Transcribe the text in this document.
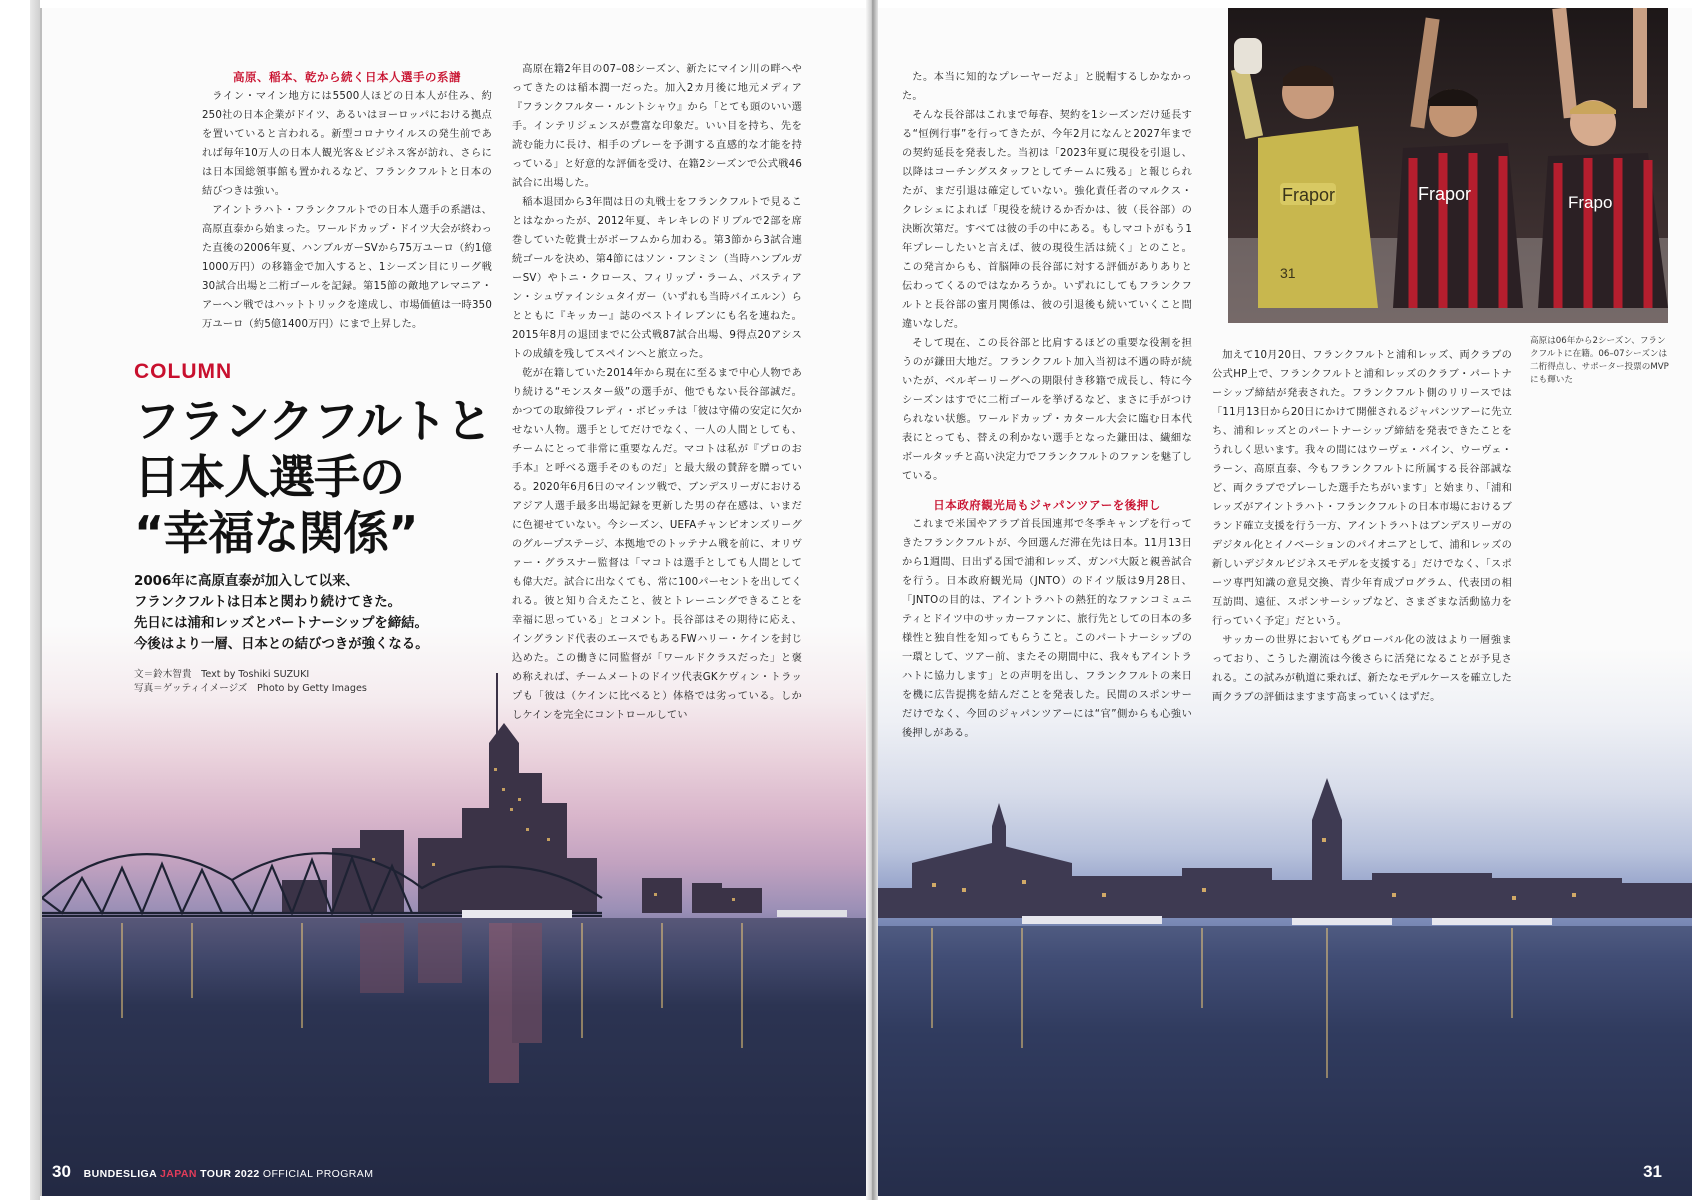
高原、稲本、乾から続く日本人選手の系譜

ライン・マイン地方には5500人ほどの日本人が住み、約250社の日本企業がドイツ、あるいはヨーロッパにおける拠点を置いていると言われる。新型コロナウイルスの発生前であれば毎年10万人の日本人観光客＆ビジネス客が訪れ、さらには日本国総領事館も置かれるなど、フランクフルトと日本の結びつきは強い。

アイントラハト・フランクフルトでの日本人選手の系譜は、高原直泰から始まった。ワールドカップ・ドイツ大会が終わった直後の2006年夏、ハンブルガーSVから75万ユーロ（約1億1000万円）の移籍金で加入すると、1シーズン目にリーグ戦30試合出場と二桁ゴールを記録。第15節の敵地アレマニア・アーヘン戦ではハットトリックを達成し、市場価値は一時350万ユーロ（約5億1400万円）にまで上昇した。

高原在籍2年目の07–08シーズン、新たにマイン川の畔へやってきたのは稲本潤一だった。加入2カ月後に地元メディア『フランクフルター・ルントシャウ』から「とても頭のいい選手。インテリジェンスが豊富な印象だ。いい目を持ち、先を読む能力に長け、相手のプレーを予測する直感的な才能を持っている」と好意的な評価を受け、在籍2シーズンで公式戦46試合に出場した。

稲本退団から3年間は日の丸戦士をフランクフルトで見ることはなかったが、2012年夏、キレキレのドリブルで2部を席巻していた乾貴士がボーフムから加わる。第3節から3試合連続ゴールを決め、第4節にはソン・フンミン（当時ハンブルガーSV）やトニ・クロース、フィリップ・ラーム、バスティアン・シュヴァインシュタイガー（いずれも当時バイエルン）らとともに『キッカー』誌のベストイレブンにも名を連ねた。2015年8月の退団までに公式戦87試合出場、9得点20アシストの成績を残してスペインへと旅立った。

乾が在籍していた2014年から現在に至るまで中心人物であり続ける“モンスター級”の選手が、他でもない長谷部誠だ。かつての取締役フレディ・ボビッチは「彼は守備の安定に欠かせない人物。選手としてだけでなく、一人の人間としても、チームにとって非常に重要なんだ。マコトは私が『プロのお手本』と呼べる選手そのものだ」と最大級の賛辞を贈っている。2020年6月6日のマインツ戦で、ブンデスリーガにおけるアジア人選手最多出場記録を更新した男の存在感は、いまだに色褪せていない。今シーズン、UEFAチャンピオンズリーグのグループステージ、本拠地でのトッテナム戦を前に、オリヴァー・グラスナー監督は「マコトは選手としても人間としても偉大だ。試合に出なくても、常に100パーセントを出してくれる。彼と知り合えたこと、彼とトレーニングできることを幸福に思っている」とコメント。長谷部はその期待に応え、イングランド代表のエースでもあるFWハリー・ケインを封じ込めた。この働きに同監督が「ワールドクラスだった」と褒め称えれば、チームメートのドイツ代表GKケヴィン・トラップも「彼は（ケインに比べると）体格では劣っている。しかしケインを完全にコントロールしてい

COLUMN
フランクフルトと
日本人選手の
“幸福な関係”
2006年に高原直泰が加入して以来、
フランクフルトは日本と関わり続けてきた。
先日には浦和レッズとパートナーシップを締結。
今後はより一層、日本との結びつきが強くなる。
文＝鈴木智貴　Text by Toshiki SUZUKI
写真＝ゲッティイメージズ　Photo by Getty Images
30 BUNDESLIGA JAPAN TOUR 2022 OFFICIAL PROGRAM

た。本当に知的なプレーヤーだよ」と脱帽するしかなかった。

そんな長谷部はこれまで毎春、契約を1シーズンだけ延長する“恒例行事”を行ってきたが、今年2月になんと2027年までの契約延長を発表した。当初は「2023年夏に現役を引退し、以降はコーチングスタッフとしてチームに残る」と報じられたが、まだ引退は確定していない。強化責任者のマルクス・クレシェによれば「現役を続けるか否かは、彼（長谷部）の決断次第だ。すべては彼の手の中にある。もしマコトがもう1年プレーしたいと言えば、彼の現役生活は続く」とのこと。この発言からも、首脳陣の長谷部に対する評価がありありと伝わってくるのではなかろうか。いずれにしてもフランクフルトと長谷部の蜜月関係は、彼の引退後も続いていくこと間違いなしだ。

そして現在、この長谷部と比肩するほどの重要な役割を担うのが鎌田大地だ。フランクフルト加入当初は不遇の時が続いたが、ベルギーリーグへの期限付き移籍で成長し、特に今シーズンはすでに二桁ゴールを挙げるなど、まさに手がつけられない状態。ワールドカップ・カタール大会に臨む日本代表にとっても、替えの利かない選手となった鎌田は、繊細なボールタッチと高い決定力でフランクフルトのファンを魅了している。

日本政府観光局もジャパンツアーを後押し

これまで米国やアラブ首長国連邦で冬季キャンプを行ってきたフランクフルトが、今回選んだ滞在先は日本。11月13日から1週間、日出ずる国で浦和レッズ、ガンバ大阪と親善試合を行う。日本政府観光局（JNTO）のドイツ版は9月28日、「JNTOの目的は、アイントラハトの熱狂的なファンコミュニティとドイツ中のサッカーファンに、旅行先としての日本の多様性と独自性を知ってもらうこと。このパートナーシップの一環として、ツアー前、またその期間中に、我々もアイントラハトに協力します」との声明を出し、フランクフルトの来日を機に広告提携を結んだことを発表した。民間のスポンサーだけでなく、今回のジャパンツアーには“官”側からも心強い後押しがある。

加えて10月20日、フランクフルトと浦和レッズ、両クラブの公式HP上で、フランクフルトと浦和レッズのクラブ・パートナーシップ締結が発表された。フランクフルト側のリリースでは「11月13日から20日にかけて開催されるジャパンツアーに先立ち、浦和レッズとのパートナーシップ締結を発表できたことをうれしく思います。我々の間にはウーヴェ・バイン、ウーヴェ・ラーン、高原直泰、今もフランクフルトに所属する長谷部誠など、両クラブでプレーした選手たちがいます」と始まり、「浦和レッズがアイントラハト・フランクフルトの日本市場におけるブランド確立支援を行う一方、アイントラハトはブンデスリーガのデジタル化とイノベーションのパイオニアとして、浦和レッズの新しいデジタルビジネスモデルを支援する」だけでなく、「スポーツ専門知識の意見交換、青少年育成プログラム、代表団の相互訪問、遠征、スポンサーシップなど、さまざまな活動協力を行っていく予定」だという。

サッカーの世界においてもグローバル化の波はより一層強まっており、こうした潮流は今後さらに活発になることが予見される。この試みが軌道に乗れば、新たなモデルケースを確立した両クラブの評価はますます高まっていくはずだ。

Frapor
31
Frapor	Frapo
高原は06年から2シーズン、フランクフルトに在籍。06–07シーズンは二桁得点し、サポーター投票のMVPにも輝いた
31
